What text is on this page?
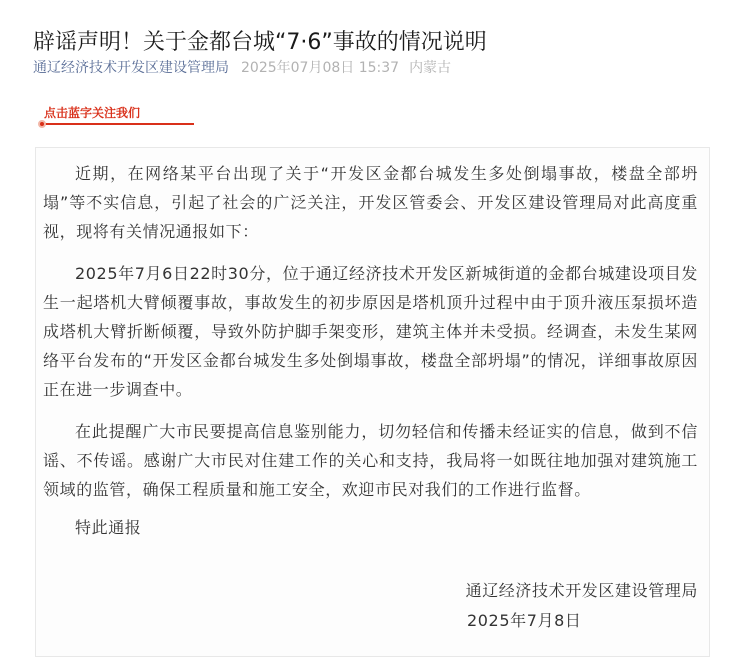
辟谣声明！关于金都台城“7·6”事故的情况说明
通辽经济技术开发区建设管理局 2025年07月08日 15:37 内蒙古
点击蓝字关注我们
近期，在网络某平台出现了关于“开发区金都台城发生多处倒塌事故，楼盘全部坍塌”等不实信息，引起了社会的广泛关注，开发区管委会、开发区建设管理局对此高度重视，现将有关情况通报如下：
2025年7月6日22时30分，位于通辽经济技术开发区新城街道的金都台城建设项目发生一起塔机大臂倾覆事故，事故发生的初步原因是塔机顶升过程中由于顶升液压泵损坏造成塔机大臂折断倾覆，导致外防护脚手架变形，建筑主体并未受损。经调查，未发生某网络平台发布的“开发区金都台城发生多处倒塌事故，楼盘全部坍塌”的情况，详细事故原因正在进一步调查中。
在此提醒广大市民要提高信息鉴别能力，切勿轻信和传播未经证实的信息，做到不信谣、不传谣。感谢广大市民对住建工作的关心和支持，我局将一如既往地加强对建筑施工领域的监管，确保工程质量和施工安全，欢迎市民对我们的工作进行监督。
特此通报
通辽经济技术开发区建设管理局
2025年7月8日
